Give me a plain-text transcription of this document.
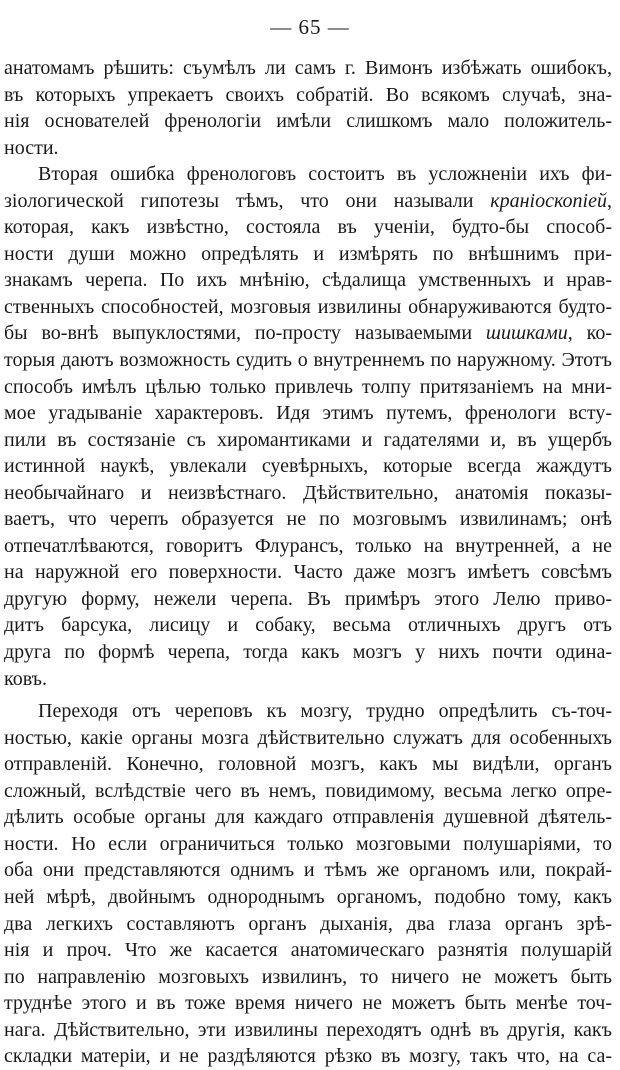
— 65 —
анатомамъ рѣшить: съумѣлъ ли самъ г. Вимонъ избѣжать ошибокъ,
въ которыхъ упрекаетъ своихъ собратій. Во всякомъ случаѣ, зна-
нія основателей френологіи имѣли слишкомъ мало положитель-
ности.
Вторая ошибка френологовъ состоитъ въ усложненіи ихъ фи-
зіологической гипотезы тѣмъ, что они называли краніоскопіей,
которая, какъ извѣстно, состояла въ ученіи, будто-бы способ-
ности души можно опредѣлять и измѣрять по внѣшнимъ при-
знакамъ черепа. По ихъ мнѣнію, сѣдалища умственныхъ и нрав-
ственныхъ способностей, мозговыя извилины обнаруживаются будто-
бы во-внѣ выпуклостями, по-просту называемыми шишками, ко-
торыя даютъ возможность судить о внутреннемъ по наружному. Этотъ
способъ имѣлъ цѣлью только привлечь толпу притязаніемъ на мни-
мое угадываніе характеровъ. Идя этимъ путемъ, френологи всту-
пили въ состязаніе съ хиромантиками и гадателями и, въ ущербъ
истинной наукѣ, увлекали суевѣрныхъ, которые всегда жаждутъ
необычайнаго и неизвѣстнаго. Дѣйствительно, анатомія показы-
ваетъ, что черепъ образуется не по мозговымъ извилинамъ; онѣ
отпечатлѣваются, говоритъ Флурансъ, только на внутренней, а не
на наружной его поверхности. Часто даже мозгъ имѣетъ совсѣмъ
другую форму, нежели черепа. Въ примѣръ этого Лелю приво-
дитъ барсука, лисицу и собаку, весьма отличныхъ другъ отъ
друга по формѣ черепа, тогда какъ мозгъ у нихъ почти одина-
ковъ.
Переходя отъ череповъ къ мозгу, трудно опредѣлить съ-точ-
ностью, какіе органы мозга дѣйствительно служатъ для особенныхъ
отправленій. Конечно, головной мозгъ, какъ мы видѣли, органъ
сложный, вслѣдствіе чего въ немъ, повидимому, весьма легко опре-
дѣлить особые органы для каждаго отправленія душевной дѣятель-
ности. Но если ограничиться только мозговыми полушаріями, то
оба они представляются однимъ и тѣмъ же органомъ или, покрай-
ней мѣрѣ, двойнымъ однороднымъ органомъ, подобно тому, какъ
два легкихъ составляютъ органъ дыханія, два глаза органъ зрѣ-
нія и проч. Что же касается анатомическаго разнятія полушарій
по направленію мозговыхъ извилинъ, то ничего не можетъ быть
труднѣе этого и въ тоже время ничего не можетъ быть менѣе точ-
нага. Дѣйствительно, эти извилины переходятъ однѣ въ другія, какъ
складки матеріи, и не раздѣляются рѣзко въ мозгу, такъ что, на са-
